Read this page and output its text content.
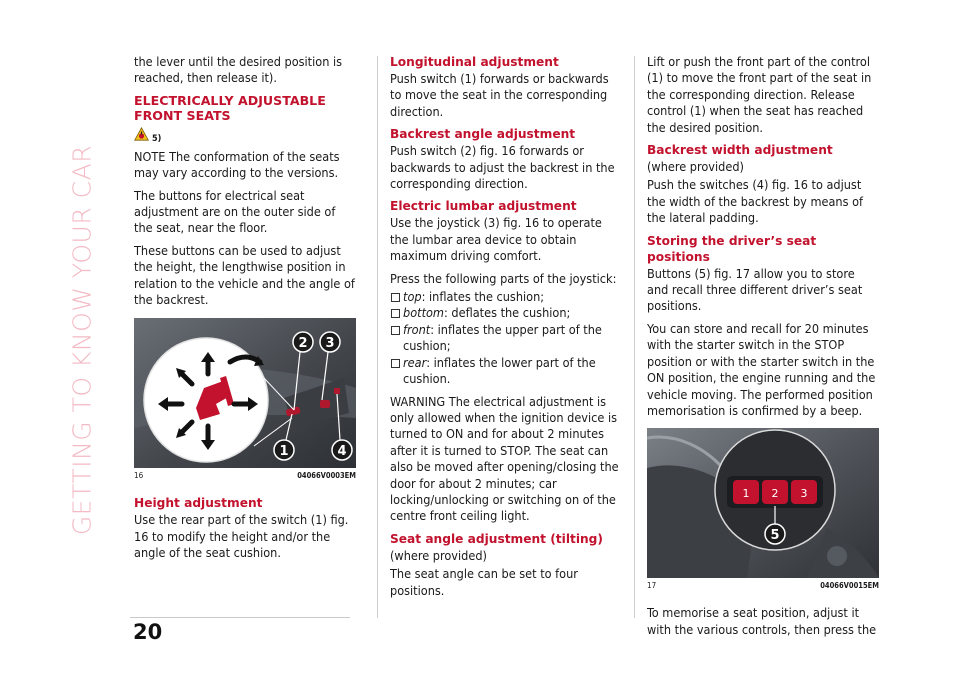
GETTING TO KNOW YOUR CAR

the lever until the desired position is reached, then release it).

ELECTRICALLY ADJUSTABLE FRONT SEATS
5)

NOTE The conformation of the seats may vary according to the versions.

The buttons for electrical seat adjustment are on the outer side of the seat, near the floor.

These buttons can be used to adjust the height, the lengthwise position in relation to the vehicle and the angle of the backrest.

2 3
1	4
16	04066V0003EM
Height adjustment

Use the rear part of the switch (1) fig. 16 to modify the height and/or the angle of the seat cushion.

Longitudinal adjustment

Push switch (1) forwards or backwards to move the seat in the corresponding direction.

Backrest angle adjustment

Push switch (2) fig. 16 forwards or backwards to adjust the backrest in the corresponding direction.

Electric lumbar adjustment

Use the joystick (3) fig. 16 to operate the lumbar area device to obtain maximum driving comfort.

Press the following parts of the joystick:

top: inflates the cushion;
bottom: deflates the cushion;
front: inflates the upper part of the cushion;
rear: inflates the lower part of the cushion.

WARNING The electrical adjustment is only allowed when the ignition device is turned to ON and for about 2 minutes after it is turned to STOP. The seat can also be moved after opening/closing the door for about 2 minutes; car locking/unlocking or switching on of the centre front ceiling light.

Seat angle adjustment (tilting)

(where provided)

The seat angle can be set to four positions.

Lift or push the front part of the control (1) to move the front part of the seat in the corresponding direction. Release control (1) when the seat has reached the desired position.

Backrest width adjustment

(where provided)

Push the switches (4) fig. 16 to adjust the width of the backrest by means of the lateral padding.

Storing the driver’s seat positions

Buttons (5) fig. 17 allow you to store and recall three different driver’s seat positions.

You can store and recall for 20 minutes with the starter switch in the STOP position or with the starter switch in the ON position, the engine running and the vehicle moving. The performed position memorisation is confirmed by a beep.

1 2 3
5
17	04066V0015EM

To memorise a seat position, adjust it with the various controls, then press the

20
